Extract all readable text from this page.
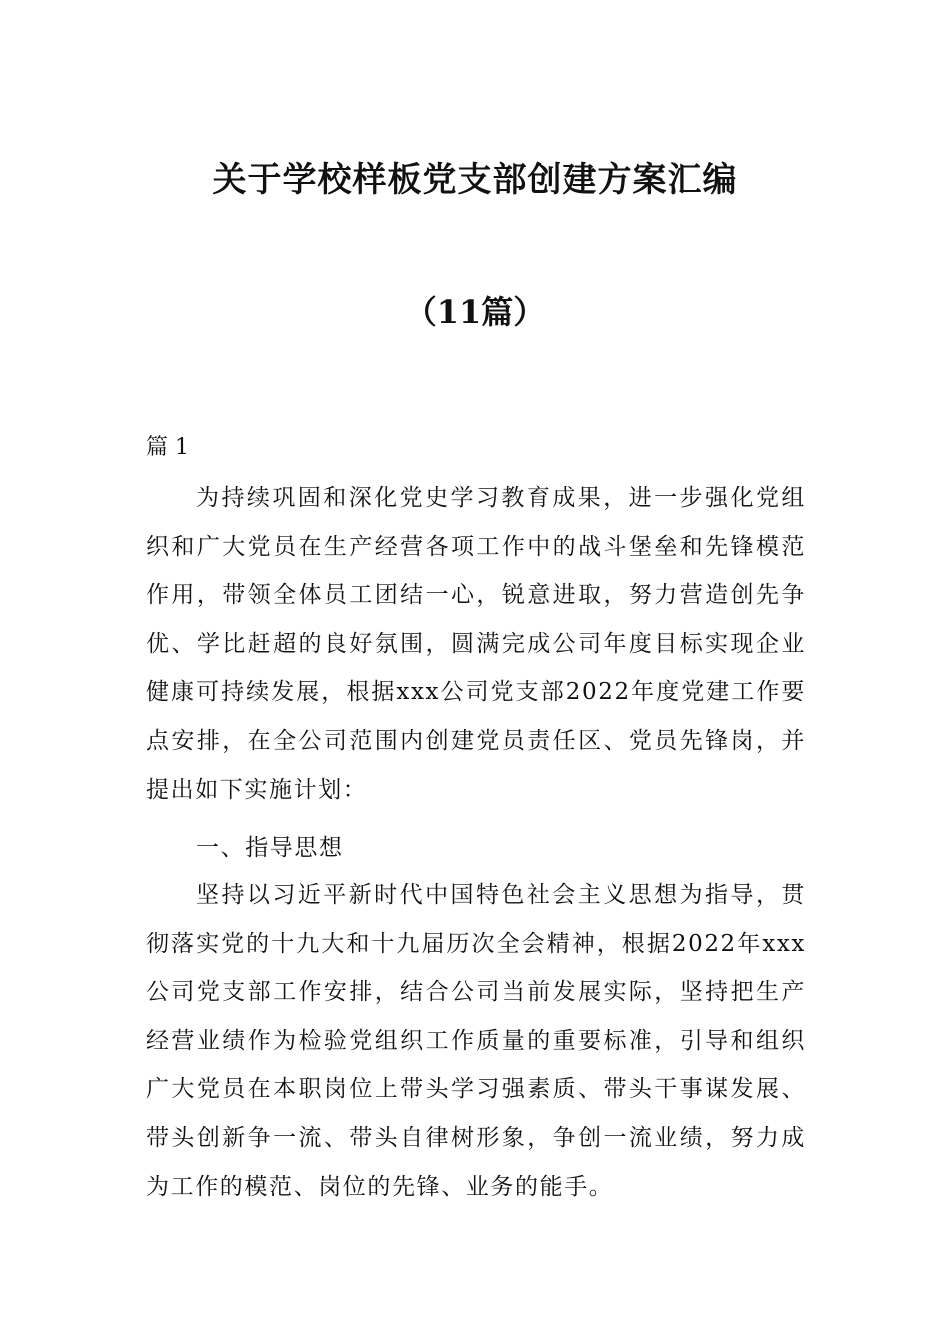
关于学校样板党支部创建方案汇编
（11篇）
篇 1

为持续巩固和深化党史学习教育成果，进一步强化党组织和广大党员在生产经营各项工作中的战斗堡垒和先锋模范作用，带领全体员工团结一心，锐意进取，努力营造创先争优、学比赶超的良好氛围，圆满完成公司年度目标实现企业健康可持续发展，根据xxx公司党支部2022年度党建工作要点安排，在全公司范围内创建党员责任区、党员先锋岗，并提出如下实施计划：

一、指导思想

坚持以习近平新时代中国特色社会主义思想为指导，贯彻落实党的十九大和十九届历次全会精神，根据2022年xxx公司党支部工作安排，结合公司当前发展实际，坚持把生产经营业绩作为检验党组织工作质量的重要标准，引导和组织广大党员在本职岗位上带头学习强素质、带头干事谋发展、带头创新争一流、带头自律树形象，争创一流业绩，努力成为工作的模范、岗位的先锋、业务的能手。
